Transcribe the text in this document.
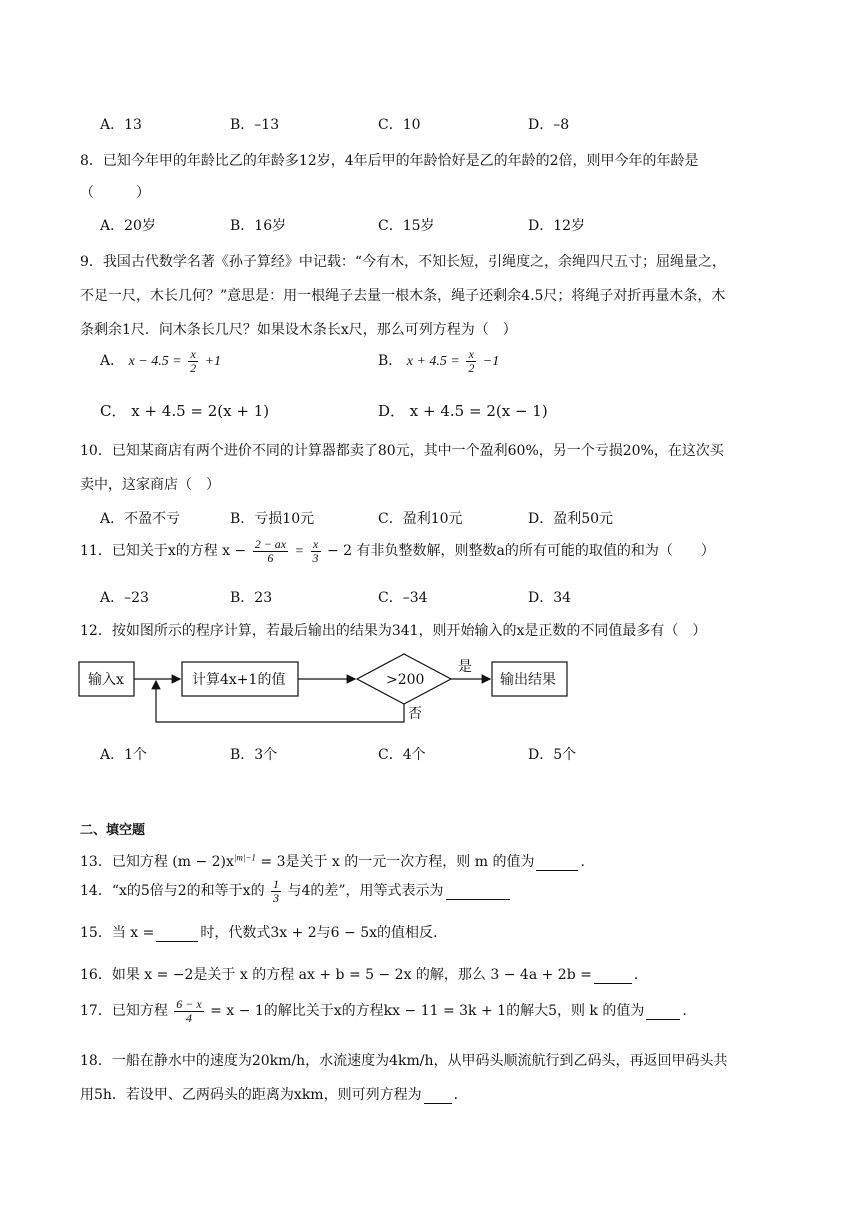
A．13	B．–13	C．10	D．–8
8．已知今年甲的年龄比乙的年龄多12岁，4年后甲的年龄恰好是乙的年龄的2倍，则甲今年的年龄是
（　　　）
A．20岁	B．16岁	C．15岁	D．12岁
9．我国古代数学名著《孙子算经》中记载：“今有木，不知长短，引绳度之，余绳四尺五寸；屈绳量之，
不足一尺，木长几何？”意思是：用一根绳子去量一根木条，绳子还剩余4.5尺；将绳子对折再量木条，木
条剩余1尺．问木条长几尺？如果设木条长x尺，那么可列方程为（　）
A． $x - 4.5 = \frac{x}{2} +1$	B． $x + 4.5 = \frac{x}{2} -1$
C． x + 4.5 = 2(x + 1)	D． x + 4.5 = 2(x − 1)
10．已知某商店有两个进价不同的计算器都卖了80元，其中一个盈利60%，另一个亏损20%，在这次买
卖中，这家商店（　）
A．不盈不亏	B．亏损10元	C．盈利10元	D．盈利50元
11．已知关于x的方程 $x - \frac{2 - ax}{6} = \frac{x}{3} - 2$ 有非负整数解，则整数a的所有可能的取值的和为（　　）
A．–23	B．23	C．–34	D．34
12．按如图所示的程序计算，若最后输出的结果为341，则开始输入的x是正数的不同值最多有（　）
输入x	计算4x+1的值	>200
是
否
输出结果
A．1个	B．3个	C．4个	D．5个
二、填空题
13．已知方程 $(m - 2)x^{|m|-1} = 3$是关于 x 的一元一次方程，则 m 的值为	.
14．“x的5倍与2的和等于x的 $\frac{1}{3}$ 与4的差”，用等式表示为
15．当 x =	时，代数式3x + 2与6 − 5x的值相反.
16．如果 x = −2是关于 x 的方程 ax + b = 5 − 2x 的解，那么 3 − 4a + 2b =	.
17．已知方程 $\frac{6 - x}{4} = x - 1$的解比关于x的方程kx − 11 = 3k + 1的解大5，则 k 的值为	.
18．一船在静水中的速度为20km/h，水流速度为4km/h，从甲码头顺流航行到乙码头，再返回甲码头共
用5h．若设甲、乙两码头的距离为xkm，则可列方程为 .
